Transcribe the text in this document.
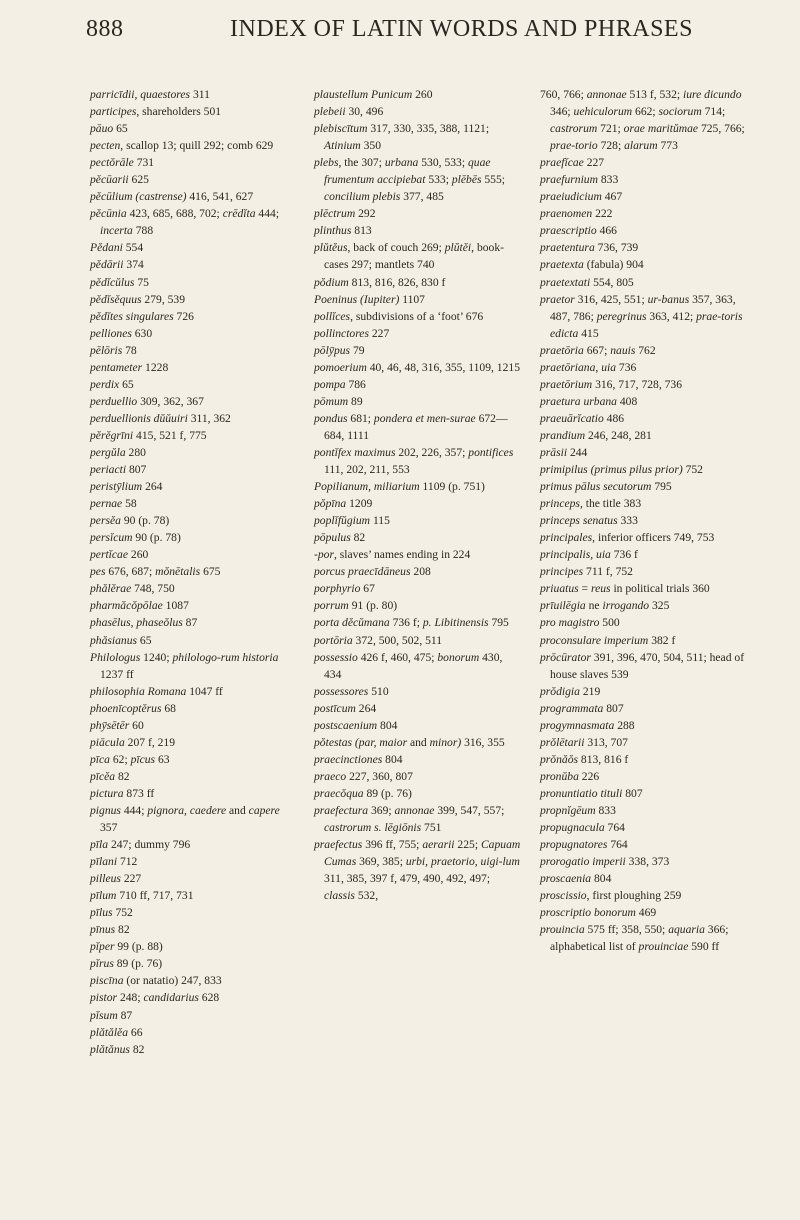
888	INDEX OF LATIN WORDS AND PHRASES

parricīdii, quaestores 311

participes, shareholders 501

pāuo 65

pecten, scallop 13; quill 292; comb 629

pectŏrāle 731

pĕcūarii 625

pĕcūlium (castrense) 416, 541, 627

pĕcūnia 423, 685, 688, 702; crēdĭta 444; incerta 788

Pĕdani 554

pĕdārii 374

pĕdĭcŭlus 75

pĕdĭsĕquus 279, 539

pĕdĭtes singulares 726

pelliones 630

pēlōris 78

pentameter 1228

perdix 65

perduellio 309, 362, 367

perduellionis dŭŭuiri 311, 362

pĕrĕgrīni 415, 521 f, 775

pergŭla 280

periacti 807

peristȳlium 264

pernae 58

persĕa 90 (p. 78)

persĭcum 90 (p. 78)

pertĭcae 260

pes 676, 687; mŏnētalis 675

phălĕrae 748, 750

pharmăcŏpōlae 1087

phasēlus, phaseŏlus 87

phăsianus 65

Philologus 1240; philologo-rum historia 1237 ff

philosophia Romana 1047 ff

phoenīcoptĕrus 68

phȳsētēr 60

piācula 207 f, 219

pīca 62; pīcus 63

pīcĕa 82

pictura 873 ff

pignus 444; pignora, caedere and capere 357

pīla 247; dummy 796

pīlani 712

pilleus 227

pīlum 710 ff, 717, 731

pīlus 752

pīnus 82

pĭper 99 (p. 88)

pĭrus 89 (p. 76)

piscīna (or natatio) 247, 833

pistor 248; candidarius 628

pĭsum 87

plătălĕa 66

plătănus 82

plaustellum Punicum 260

plebeii 30, 496

plebiscītum 317, 330, 335, 388, 1121; Atinium 350

plebs, the 307; urbana 530, 533; quae frumentum accipiebat 533; plēbēs 555; concilium plebis 377, 485

plēctrum 292

plinthus 813

plŭtĕus, back of couch 269; plŭtĕi, book-cases 297; mantlets 740

pŏdium 813, 816, 826, 830 f

Poeninus (Iupiter) 1107

pollĭces, subdivisions of a ‘foot’ 676

pollinctores 227

pōlȳpus 79

pomoerium 40, 46, 48, 316, 355, 1109, 1215

pompa 786

pōmum 89

pondus 681; pondera et men-surae 672—684, 1111

pontĭfex maximus 202, 226, 357; pontifices 111, 202, 211, 553

Popilianum, miliarium 1109 (p. 751)

pŏpīna 1209

poplĭfŭgium 115

pōpulus 82

-por, slaves’ names ending in 224

porcus praecīdāneus 208

porphyrio 67

porrum 91 (p. 80)

porta dĕcŭmana 736 f; p. Libitinensis 795

portōria 372, 500, 502, 511

possessio 426 f, 460, 475; bonorum 430, 434

possessores 510

postīcum 264

postscaenium 804

pŏtestas (par, maior and minor) 316, 355

praecinctiones 804

praeco 227, 360, 807

praecŏqua 89 (p. 76)

praefectura 369; annonae 399, 547, 557; castrorum s. lēgiōnis 751

praefectus 396 ff, 755; aerarii 225; Capuam Cumas 369, 385; urbi, praetorio, uigi-lum 311, 385, 397 f, 479, 490, 492, 497; classis 532,

760, 766; annonae 513 f, 532; iure dicundo 346; uehiculorum 662; sociorum 714; castrorum 721; orae maritŭmae 725, 766; prae-torio 728; alarum 773

praefĭcae 227

praefurnium 833

praeiudicium 467

praenomen 222

praescriptio 466

praetentura 736, 739

praetexta (fabula) 904

praetextati 554, 805

praetor 316, 425, 551; ur-banus 357, 363, 487, 786; peregrinus 363, 412; prae-toris edicta 415

praetōria 667; nauis 762

praetōriana, uia 736

praetōrium 316, 717, 728, 736

praetura urbana 408

praeuārĭcatio 486

prandium 246, 248, 281

prāsii 244

primipilus (primus pilus prior) 752

primus pālus secutorum 795

princeps, the title 383

princeps senatus 333

principales, inferior officers 749, 753

principalis, uia 736 f

principes 711 f, 752

priuatus = reus in political trials 360

prīuilēgia ne irrogando 325

pro magistro 500

proconsulare imperium 382 f

prōcūrator 391, 396, 470, 504, 511; head of house slaves 539

prŏdigia 219

programmata 807

progymnasmata 288

prŏlētarii 313, 707

prŏnăŏs 813, 816 f

pronŭba 226

pronuntiatio tituli 807

propnĭgēum 833

propugnacula 764

propugnatores 764

prorogatio imperii 338, 373

proscaenia 804

proscissio, first ploughing 259

proscriptio bonorum 469

prouincia 575 ff; 358, 550; aquaria 366; alphabetical list of prouinciae 590 ff
